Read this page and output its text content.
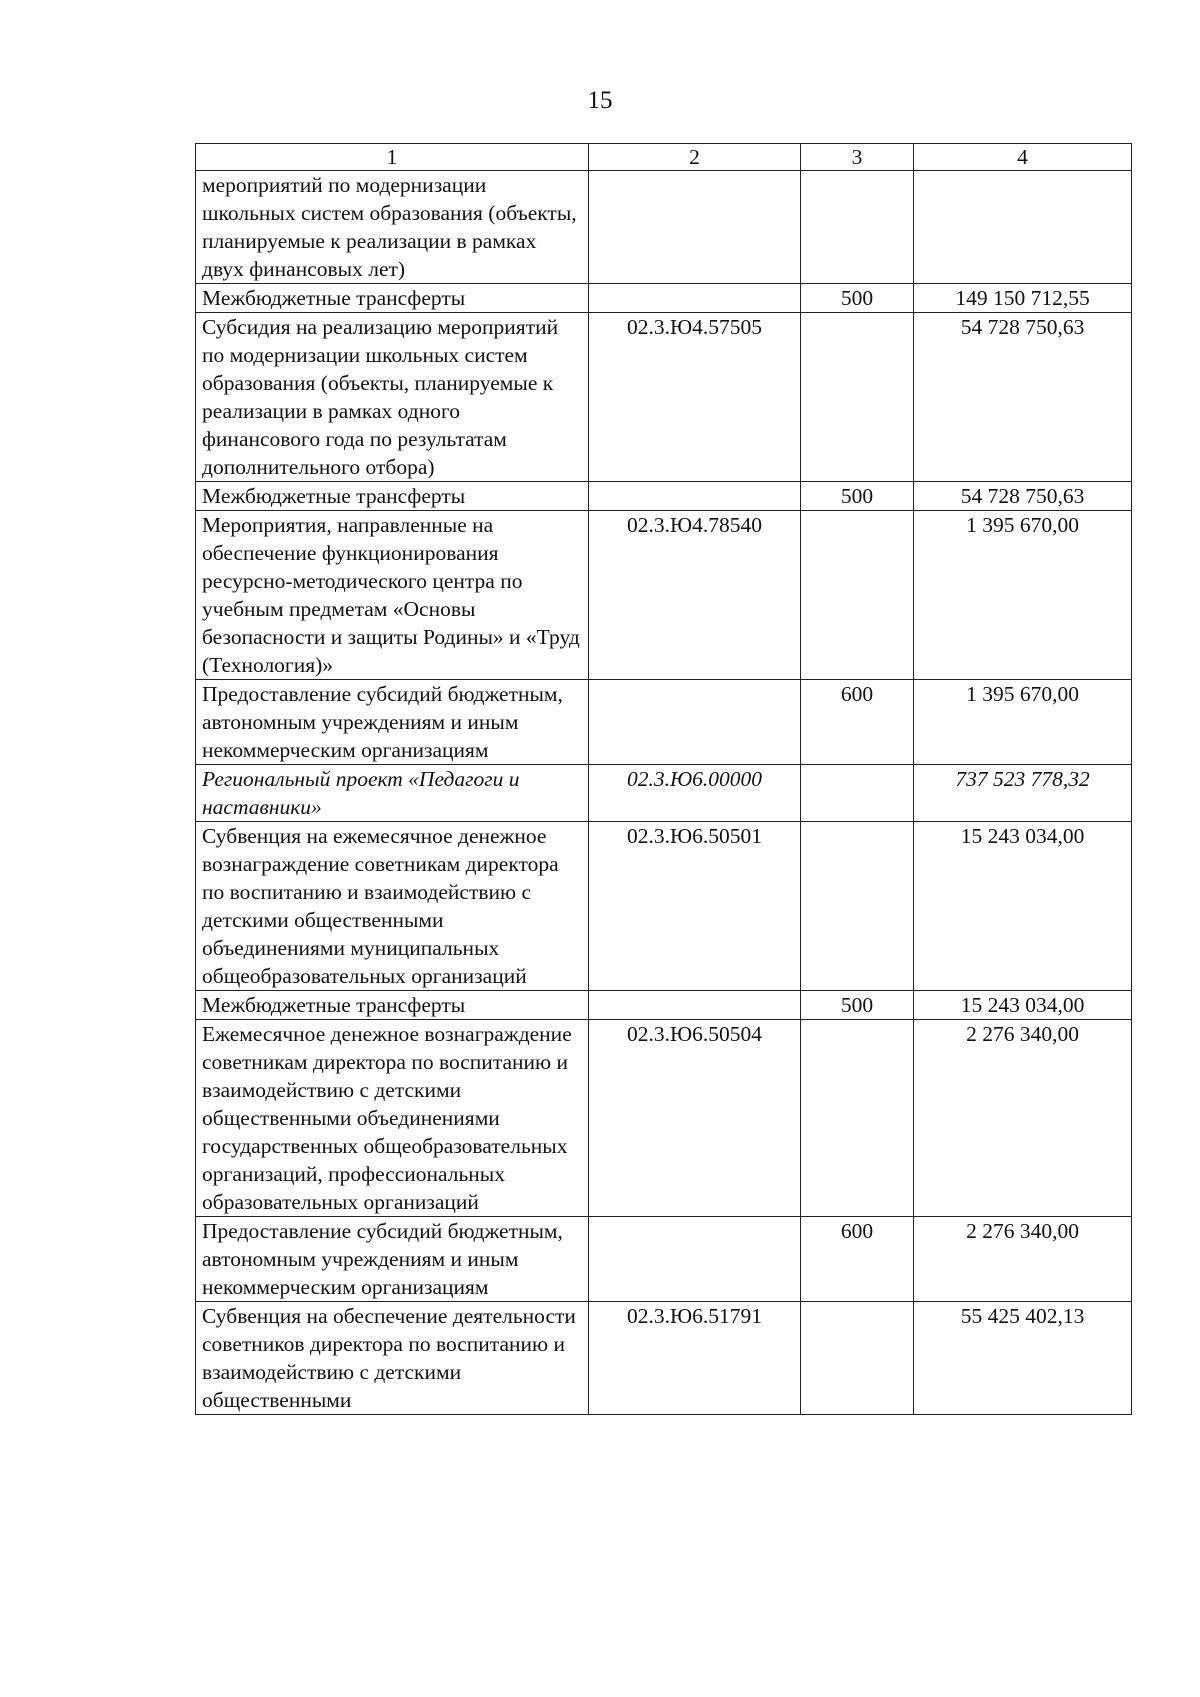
15
1	2	3	4
мероприятий по модернизации школьных систем образования (объекты, планируемые к реализации в рамках двух финансовых лет)			
Межбюджетные трансферты		500	149 150 712,55
Субсидия на реализацию мероприятий по модернизации школьных систем образования (объекты, планируемые к реализации в рамках одного финансового года по результатам дополнительного отбора)	02.3.Ю4.57505		54 728 750,63
Межбюджетные трансферты		500	54 728 750,63
Мероприятия, направленные на обеспечение функционирования ресурсно-методического центра по учебным предметам «Основы безопасности и защиты Родины» и «Труд (Технология)»	02.3.Ю4.78540		1 395 670,00
Предоставление субсидий бюджетным, автономным учреждениям и иным некоммерческим организациям		600	1 395 670,00
Региональный проект «Педагоги и наставники»	02.3.Ю6.00000		737 523 778,32
Субвенция на ежемесячное денежное вознаграждение советникам директора по воспитанию и взаимодействию с детскими общественными объединениями муниципальных общеобразовательных организаций	02.3.Ю6.50501		15 243 034,00
Межбюджетные трансферты		500	15 243 034,00
Ежемесячное денежное вознаграждение советникам директора по воспитанию и взаимодействию с детскими общественными объединениями государственных общеобразовательных организаций, профессиональных образовательных организаций	02.3.Ю6.50504		2 276 340,00
Предоставление субсидий бюджетным, автономным учреждениям и иным некоммерческим организациям		600	2 276 340,00
Субвенция на обеспечение деятельности советников директора по воспитанию и взаимодействию с детскими общественными	02.3.Ю6.51791		55 425 402,13
